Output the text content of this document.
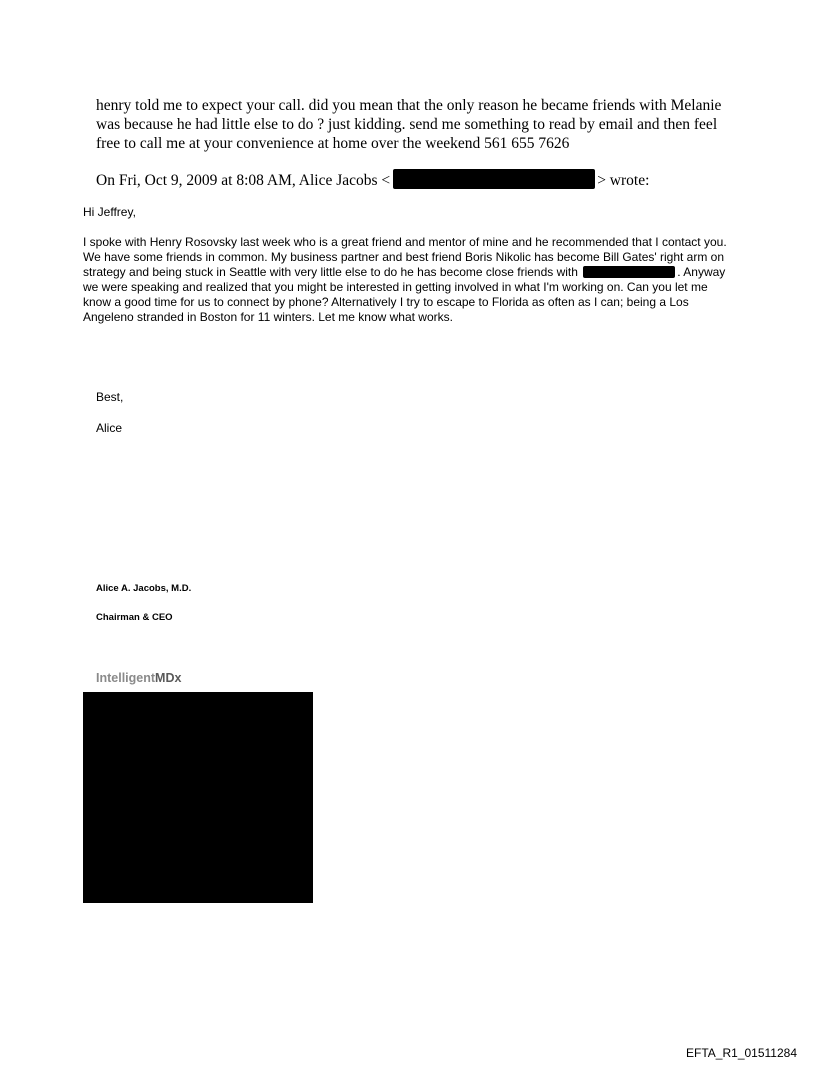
henry told me to expect your call. did you mean that the only reason he became friends with Melanie was because he had little else to do ? just kidding. send me something to read by email and then feel free to call me at your convenience at home over the weekend 561 655 7626

On Fri, Oct 9, 2009 at 8:08 AM, Alice Jacobs <	> wrote:

Hi Jeffrey,

I spoke with Henry Rosovsky last week who is a great friend and mentor of mine and he recommended that I contact you. We have some friends in common. My business partner and best friend Boris Nikolic has become Bill Gates' right arm on strategy and being stuck in Seattle with very little else to do he has become close friends with	. Anyway we were speaking and realized that you might be interested in getting involved in what I'm working on. Can you let me know a good time for us to connect by phone? Alternatively I try to escape to Florida as often as I can; being a Los Angeleno stranded in Boston for 11 winters. Let me know what works.

Best,

Alice

Alice A. Jacobs, M.D.

Chairman & CEO

IntelligentMDx

EFTA_R1_01511284
